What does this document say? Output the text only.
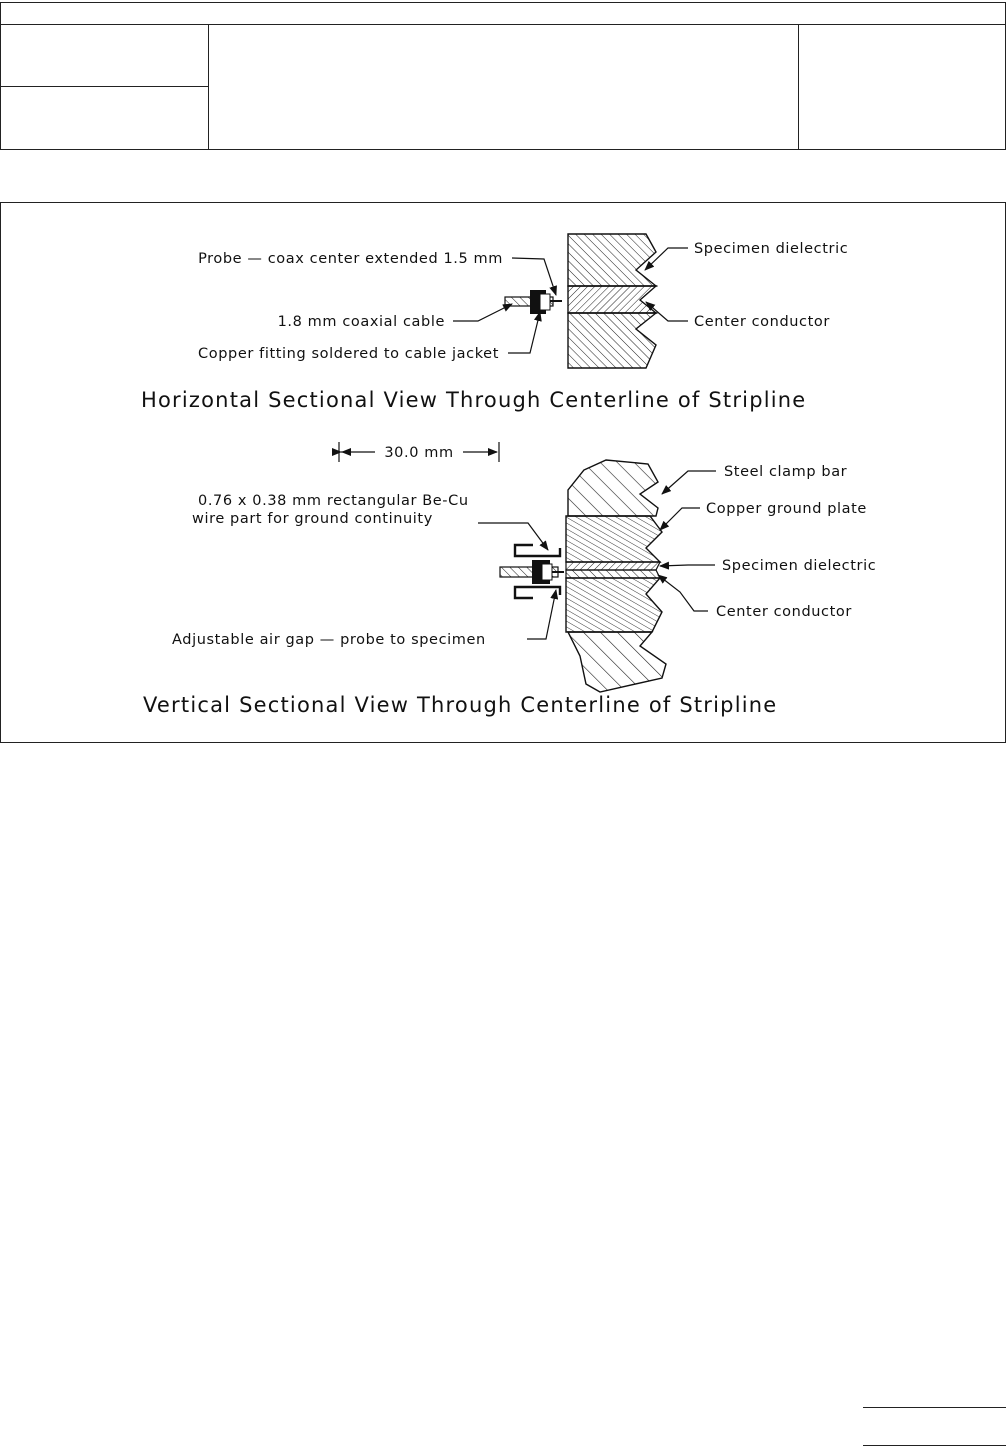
Probe — coax center extended 1.5 mm
1.8 mm coaxial cable
Copper fitting soldered to cable jacket
Specimen dielectric
Center conductor
Horizontal Sectional View Through Centerline of Stripline
30.0 mm
0.76 x 0.38 mm rectangular Be-Cu
wire part for ground continuity
Adjustable air gap — probe to specimen
Steel clamp bar
Copper ground plate
Specimen dielectric
Center conductor
Vertical Sectional View Through Centerline of Stripline
